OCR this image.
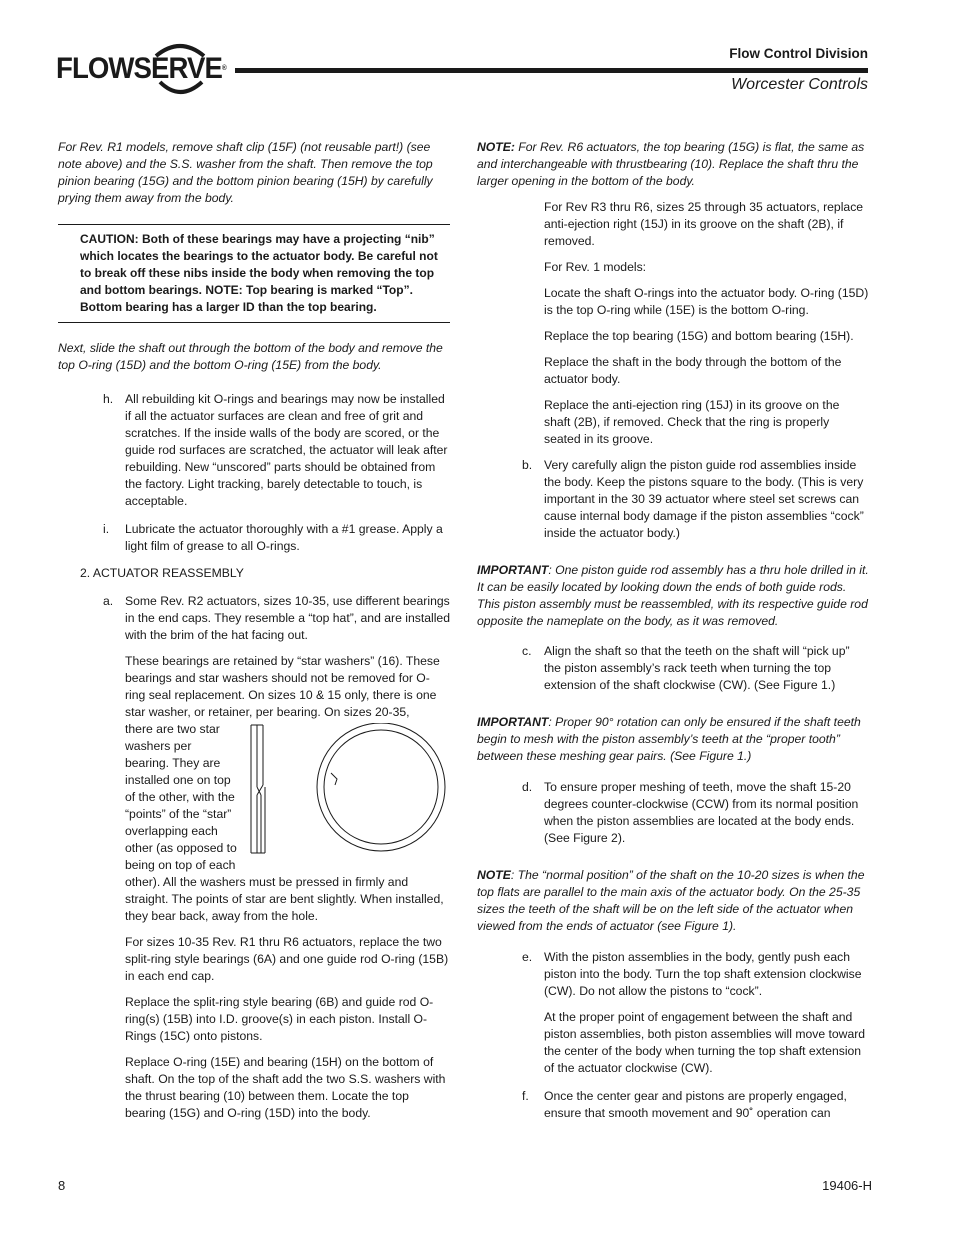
FLOWSERVE®
Flow Control Division
Worcester Controls

For Rev. R1 models, remove shaft clip (15F) (not reusable part!) (see note above) and the S.S. washer from the shaft. Then remove the top pinion bearing (15G) and the bottom pinion bearing (15H) by carefully prying them away from the body.

CAUTION: Both of these bearings may have a projecting “nib” which locates the bearings to the actuator body. Be careful not to break off these nibs inside the body when removing the top and bottom bearings. NOTE: Top bearing is marked “Top”. Bottom bearing has a larger ID than the top bearing.

Next, slide the shaft out through the bottom of the body and remove the top O-ring (15D) and the bottom O-ring (15E) from the body.

h. All rebuilding kit O-rings and bearings may now be installed if all the actuator surfaces are clean and free of grit and scratches. If the inside walls of the body are scored, or the guide rod surfaces are scratched, the actuator will leak after rebuilding. New “unscored” parts should be obtained from the factory. Light tracking, barely detectable to touch, is acceptable.
i. Lubricate the actuator thoroughly with a #1 grease. Apply a light film of grease to all O-rings.

2. ACTUATOR REASSEMBLY

a. Some Rev. R2 actuators, sizes 10-35, use different bearings in the end caps. They resemble a “top hat”, and are installed with the brim of the hat facing out.

These bearings are retained by “star washers” (16). These bearings and star washers should not be removed for O-ring seal replacement. On sizes 10 & 15 only, there is one star washer, or retainer, per bearing. On sizes 20-35,

there are two star washers per bearing. They are installed one on top of the other, with the “points” of the “star” overlapping each other (as opposed to being on top of each

other). All the washers must be pressed in firmly and straight. The points of star are bent slightly. When installed, they bear back, away from the hole.

For sizes 10-35 Rev. R1 thru R6 actuators, replace the two split-ring style bearings (6A) and one guide rod O-ring (15B) in each end cap.

Replace the split-ring style bearing (6B) and guide rod O-ring(s) (15B) into I.D. groove(s) in each piston. Install O-Rings (15C) onto pistons.

Replace O-ring (15E) and bearing (15H) on the bottom of shaft. On the top of the shaft add the two S.S. washers with the thrust bearing (10) between them. Locate the top bearing (15G) and O-ring (15D) into the body.

NOTE: For Rev. R6 actuators, the top bearing (15G) is flat, the same as and interchangeable with thrustbearing (10). Replace the shaft thru the larger opening in the bottom of the body.

For Rev R3 thru R6, sizes 25 through 35 actuators, replace anti-ejection right (15J) in its groove on the shaft (2B), if removed.

For Rev. 1 models:

Locate the shaft O-rings into the actuator body. O-ring (15D) is the top O-ring while (15E) is the bottom O-ring.

Replace the top bearing (15G) and bottom bearing (15H).

Replace the shaft in the body through the bottom of the actuator body.

Replace the anti-ejection ring (15J) in its groove on the shaft (2B), if removed. Check that the ring is properly seated in its groove.

b. Very carefully align the piston guide rod assemblies inside the body. Keep the pistons square to the body. (This is very important in the 30 39 actuator where steel set screws can cause internal body damage if the piston assemblies “cock” inside the actuator body.)

IMPORTANT: One piston guide rod assembly has a thru hole drilled in it. It can be easily located by looking down the ends of both guide rods. This piston assembly must be reassembled, with its respective guide rod opposite the nameplate on the body, as it was removed.

c. Align the shaft so that the teeth on the shaft will “pick up” the piston assembly’s rack teeth when turning the top extension of the shaft clockwise (CW). (See Figure 1.)

IMPORTANT: Proper 90° rotation can only be ensured if the shaft teeth begin to mesh with the piston assembly’s teeth at the “proper tooth” between these meshing gear pairs. (See Figure 1.)

d. To ensure proper meshing of teeth, move the shaft 15-20 degrees counter-clockwise (CCW) from its normal position when the piston assemblies are located at the body ends. (See Figure 2).

NOTE: The “normal position” of the shaft on the 10-20 sizes is when the top flats are parallel to the main axis of the actuator body. On the 25-35 sizes the teeth of the shaft will be on the left side of the actuator when viewed from the ends of actuator (see Figure 1).

e. With the piston assemblies in the body, gently push each piston into the body. Turn the top shaft extension clockwise (CW). Do not allow the pistons to “cock”.

At the proper point of engagement between the shaft and piston assemblies, both piston assemblies will move toward the center of the body when turning the top shaft extension of the actuator clockwise (CW).

f. Once the center gear and pistons are properly engaged, ensure that smooth movement and 90˚ operation can
8	19406-H
